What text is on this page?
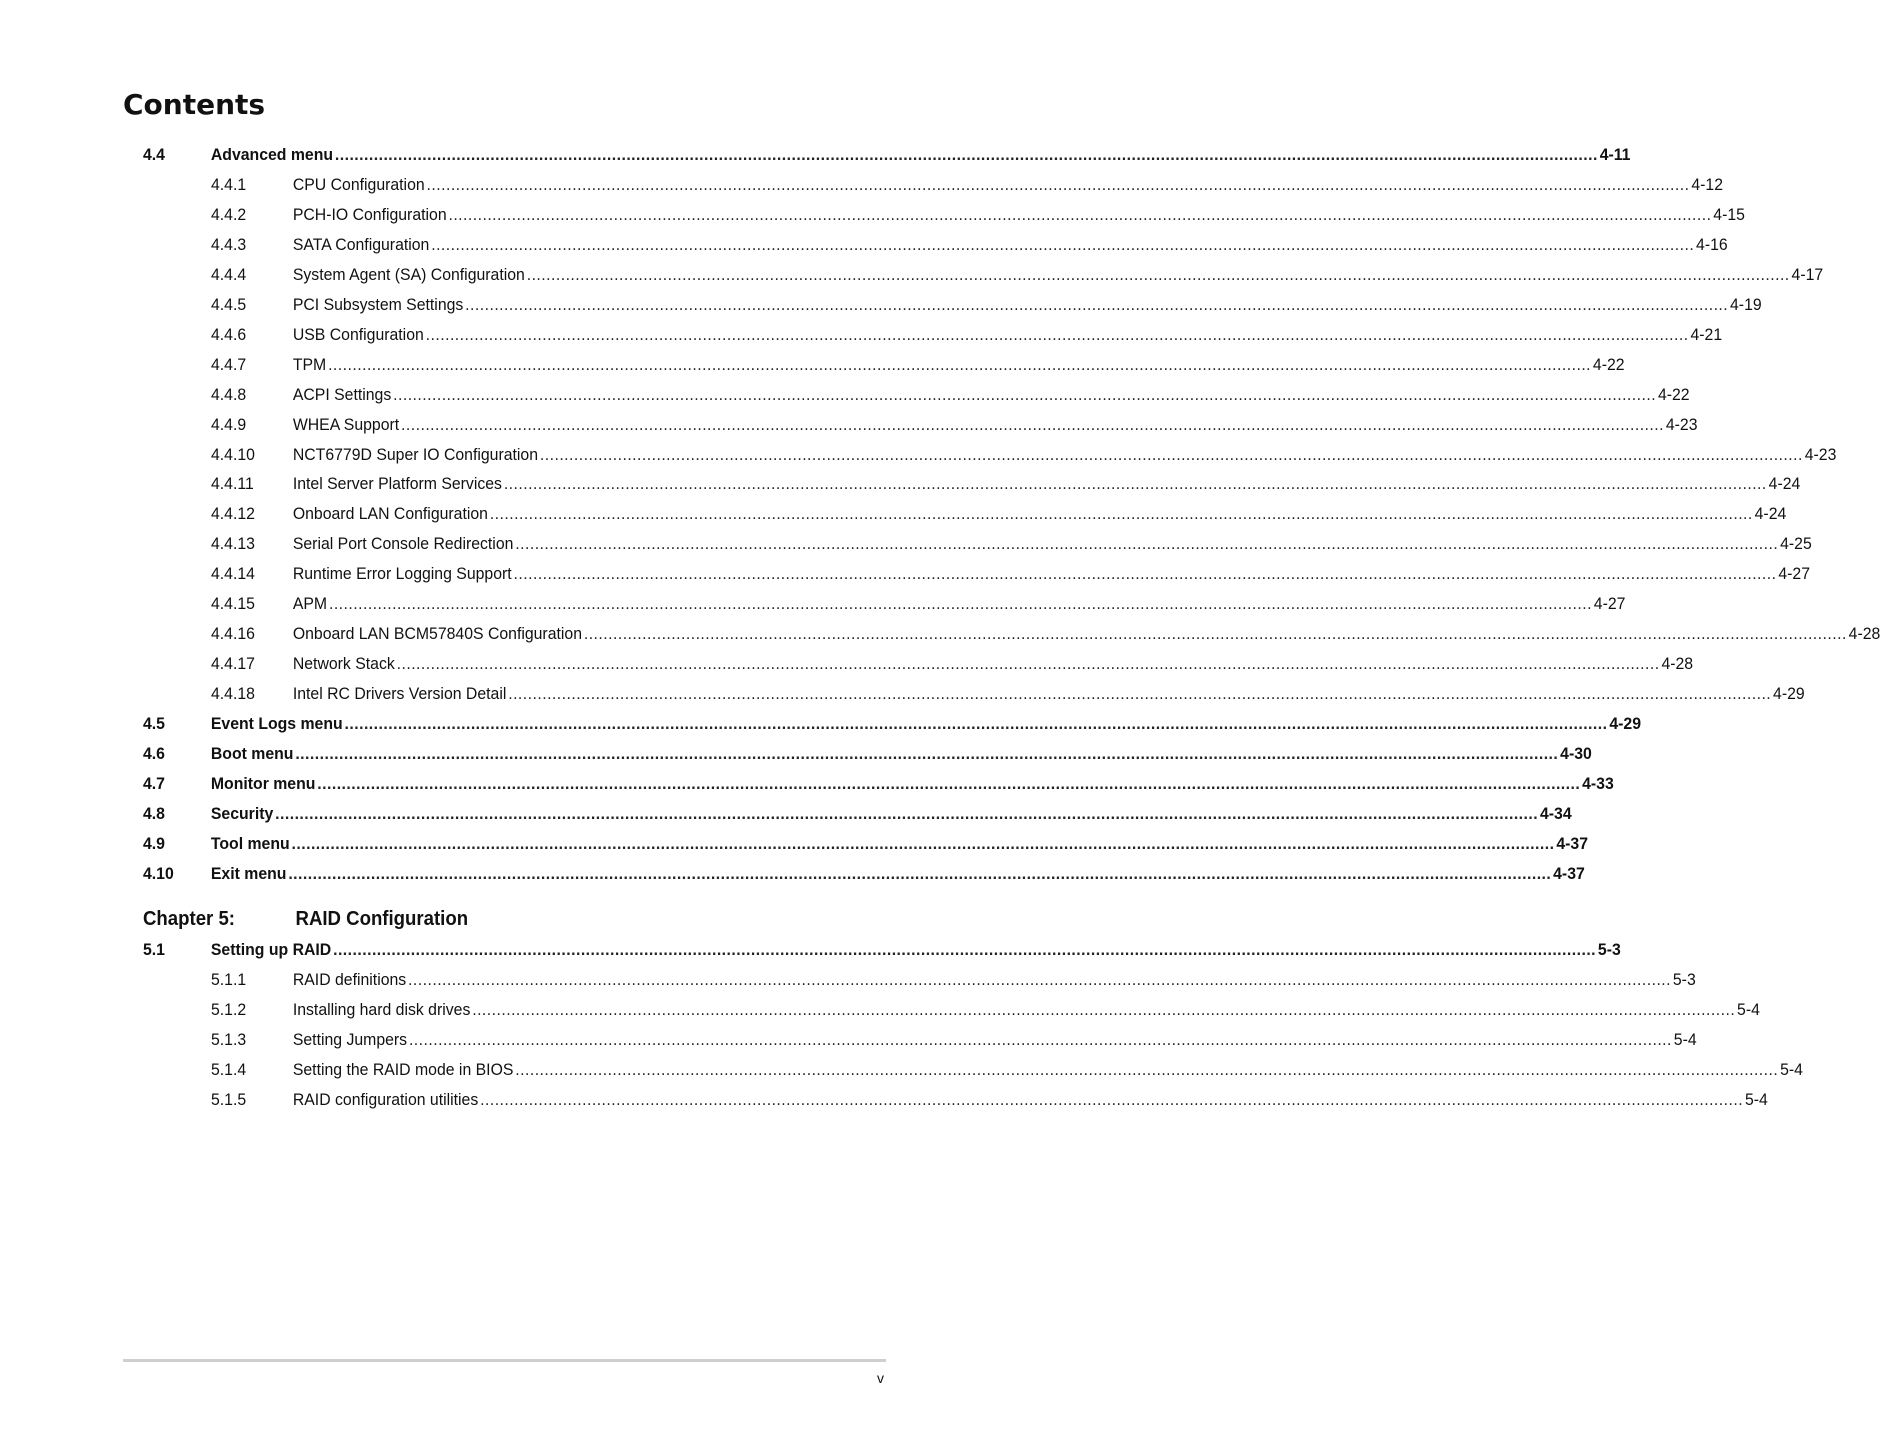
Contents
4.4	Advanced menu .................................................................................................................................................................................................................................................................... 4-11
4.4.1	CPU Configuration .................................................................................................................................................................................................................................................................... 4-12
4.4.2	PCH-IO Configuration .................................................................................................................................................................................................................................................................... 4-15
4.4.3	SATA Configuration .................................................................................................................................................................................................................................................................... 4-16
4.4.4	System Agent (SA) Configuration .................................................................................................................................................................................................................................................................... 4-17
4.4.5	PCI Subsystem Settings .................................................................................................................................................................................................................................................................... 4-19
4.4.6	USB Configuration .................................................................................................................................................................................................................................................................... 4-21
4.4.7	TPM .................................................................................................................................................................................................................................................................... 4-22
4.4.8	ACPI Settings .................................................................................................................................................................................................................................................................... 4-22
4.4.9	WHEA Support .................................................................................................................................................................................................................................................................... 4-23
4.4.10	NCT6779D Super IO Configuration .................................................................................................................................................................................................................................................................... 4-23
4.4.11	Intel Server Platform Services .................................................................................................................................................................................................................................................................... 4-24
4.4.12	Onboard LAN Configuration .................................................................................................................................................................................................................................................................... 4-24
4.4.13	Serial Port Console Redirection .................................................................................................................................................................................................................................................................... 4-25
4.4.14	Runtime Error Logging Support .................................................................................................................................................................................................................................................................... 4-27
4.4.15	APM .................................................................................................................................................................................................................................................................... 4-27
4.4.16	Onboard LAN BCM57840S Configuration .................................................................................................................................................................................................................................................................... 4-28
4.4.17	Network Stack .................................................................................................................................................................................................................................................................... 4-28
4.4.18	Intel RC Drivers Version Detail .................................................................................................................................................................................................................................................................... 4-29
4.5	Event Logs menu .................................................................................................................................................................................................................................................................... 4-29
4.6	Boot menu .................................................................................................................................................................................................................................................................... 4-30
4.7	Monitor menu .................................................................................................................................................................................................................................................................... 4-33
4.8	Security .................................................................................................................................................................................................................................................................... 4-34
4.9	Tool menu .................................................................................................................................................................................................................................................................... 4-37
4.10	Exit menu .................................................................................................................................................................................................................................................................... 4-37
5.1	Setting up RAID .................................................................................................................................................................................................................................................................... 5-3
5.1.1	RAID definitions .................................................................................................................................................................................................................................................................... 5-3
5.1.2	Installing hard disk drives .................................................................................................................................................................................................................................................................... 5-4
5.1.3	Setting Jumpers .................................................................................................................................................................................................................................................................... 5-4
5.1.4	Setting the RAID mode in BIOS .................................................................................................................................................................................................................................................................... 5-4
5.1.5	RAID configuration utilities .................................................................................................................................................................................................................................................................... 5-4
Chapter 5:	RAID Configuration
v
